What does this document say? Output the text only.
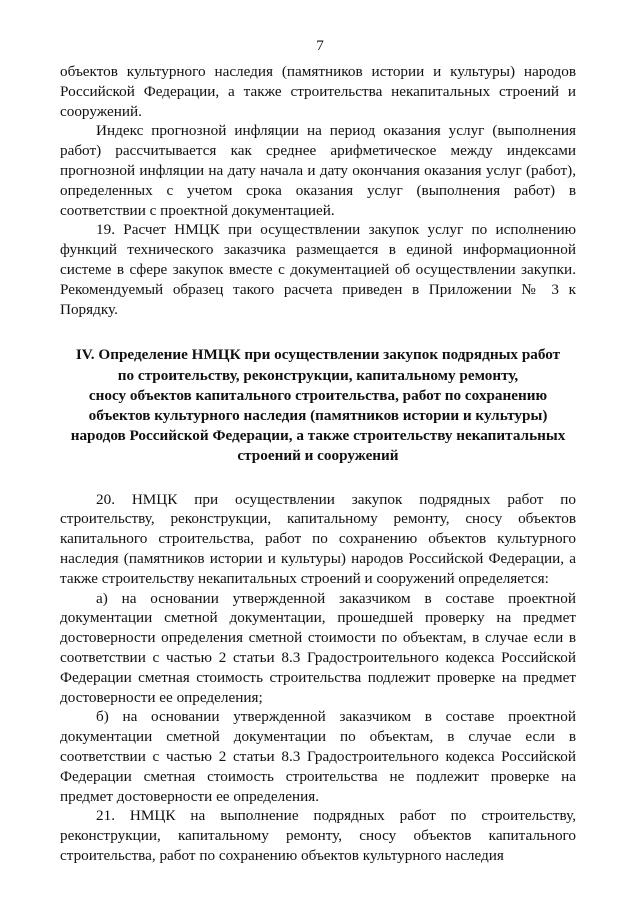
7

объектов культурного наследия (памятников истории и культуры) народов Российской Федерации, а также строительства некапитальных строений и сооружений.

Индекс прогнозной инфляции на период оказания услуг (выполнения работ) рассчитывается как среднее арифметическое между индексами прогнозной инфляции на дату начала и дату окончания оказания услуг (работ), определенных с учетом срока оказания услуг (выполнения работ) в соответствии с проектной документацией.

19. Расчет НМЦК при осуществлении закупок услуг по исполнению функций технического заказчика размещается в единой информационной системе в сфере закупок вместе с документацией об осуществлении закупки. Рекомендуемый образец такого расчета приведен в Приложении № 3 к Порядку.

IV. Определение НМЦК при осуществлении закупок подрядных работ
по строительству, реконструкции, капитальному ремонту,
сносу объектов капитального строительства, работ по сохранению
объектов культурного наследия (памятников истории и культуры)
народов Российской Федерации, а также строительству некапитальных
строений и сооружений

20. НМЦК при осуществлении закупок подрядных работ по строительству, реконструкции, капитальному ремонту, сносу объектов капитального строительства, работ по сохранению объектов культурного наследия (памятников истории и культуры) народов Российской Федерации, а также строительству некапитальных строений и сооружений определяется:

а) на основании утвержденной заказчиком в составе проектной документации сметной документации, прошедшей проверку на предмет достоверности определения сметной стоимости по объектам, в случае если в соответствии с частью 2 статьи 8.3 Градостроительного кодекса Российской Федерации сметная стоимость строительства подлежит проверке на предмет достоверности ее определения;

б) на основании утвержденной заказчиком в составе проектной документации сметной документации по объектам, в случае если в соответствии с частью 2 статьи 8.3 Градостроительного кодекса Российской Федерации сметная стоимость строительства не подлежит проверке на предмет достоверности ее определения.

21. НМЦК на выполнение подрядных работ по строительству, реконструкции, капитальному ремонту, сносу объектов капитального строительства, работ по сохранению объектов культурного наследия
